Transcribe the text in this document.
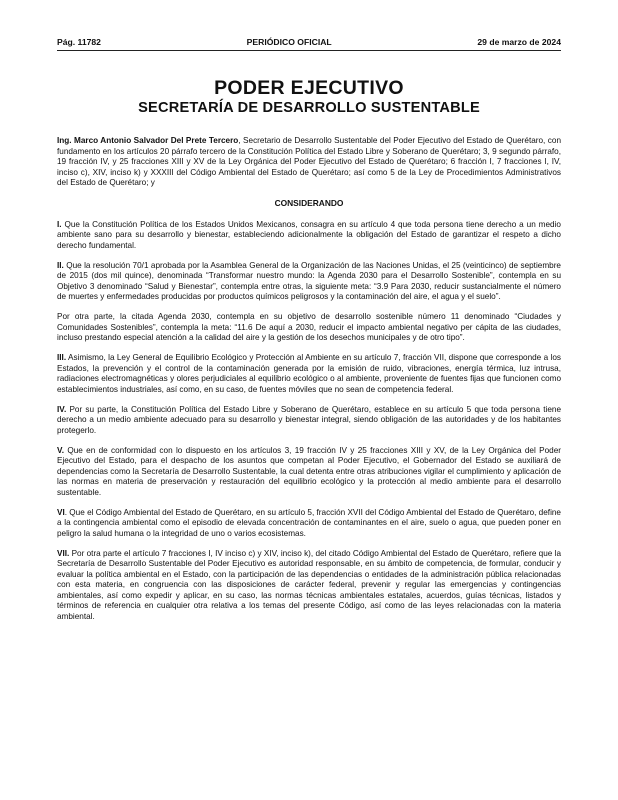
Pág. 11782	PERIÓDICO OFICIAL	29 de marzo de 2024
PODER EJECUTIVO
SECRETARÍA DE DESARROLLO SUSTENTABLE

Ing. Marco Antonio Salvador Del Prete Tercero, Secretario de Desarrollo Sustentable del Poder Ejecutivo del Estado de Querétaro, con fundamento en los artículos 20 párrafo tercero de la Constitución Política del Estado Libre y Soberano de Querétaro; 3, 9 segundo párrafo, 19 fracción IV, y 25 fracciones XIII y XV de la Ley Orgánica del Poder Ejecutivo del Estado de Querétaro; 6 fracción I, 7 fracciones I, IV, inciso c), XIV, inciso k) y XXXIII del Código Ambiental del Estado de Querétaro; así como 5 de la Ley de Procedimientos Administrativos del Estado de Querétaro; y

CONSIDERANDO

I. Que la Constitución Política de los Estados Unidos Mexicanos, consagra en su artículo 4 que toda persona tiene derecho a un medio ambiente sano para su desarrollo y bienestar, estableciendo adicionalmente la obligación del Estado de garantizar el respeto a dicho derecho fundamental.

II. Que la resolución 70/1 aprobada por la Asamblea General de la Organización de las Naciones Unidas, el 25 (veinticinco) de septiembre de 2015 (dos mil quince), denominada “Transformar nuestro mundo: la Agenda 2030 para el Desarrollo Sostenible”, contempla en su Objetivo 3 denominado “Salud y Bienestar”, contempla entre otras, la siguiente meta: “3.9 Para 2030, reducir sustancialmente el número de muertes y enfermedades producidas por productos químicos peligrosos y la contaminación del aire, el agua y el suelo”.

Por otra parte, la citada Agenda 2030, contempla en su objetivo de desarrollo sostenible número 11 denominado “Ciudades y Comunidades Sostenibles”, contempla la meta: “11.6 De aquí a 2030, reducir el impacto ambiental negativo per cápita de las ciudades, incluso prestando especial atención a la calidad del aire y la gestión de los desechos municipales y de otro tipo”.

III. Asimismo, la Ley General de Equilibrio Ecológico y Protección al Ambiente en su artículo 7, fracción VII, dispone que corresponde a los Estados, la prevención y el control de la contaminación generada por la emisión de ruido, vibraciones, energía térmica, luz intrusa, radiaciones electromagnéticas y olores perjudiciales al equilibrio ecológico o al ambiente, proveniente de fuentes fijas que funcionen como establecimientos industriales, así como, en su caso, de fuentes móviles que no sean de competencia federal.

IV. Por su parte, la Constitución Política del Estado Libre y Soberano de Querétaro, establece en su artículo 5 que toda persona tiene derecho a un medio ambiente adecuado para su desarrollo y bienestar integral, siendo obligación de las autoridades y de los habitantes protegerlo.

V. Que en de conformidad con lo dispuesto en los artículos 3, 19 fracción IV y 25 fracciones XIII y XV, de la Ley Orgánica del Poder Ejecutivo del Estado, para el despacho de los asuntos que competan al Poder Ejecutivo, el Gobernador del Estado se auxiliará de dependencias como la Secretaría de Desarrollo Sustentable, la cual detenta entre otras atribuciones vigilar el cumplimiento y aplicación de las normas en materia de preservación y restauración del equilibrio ecológico y la protección al medio ambiente para el desarrollo sustentable.

VI. Que el Código Ambiental del Estado de Querétaro, en su artículo 5, fracción XVII del Código Ambiental del Estado de Querétaro, define a la contingencia ambiental como el episodio de elevada concentración de contaminantes en el aire, suelo o agua, que pueden poner en peligro la salud humana o la integridad de uno o varios ecosistemas.

VII. Por otra parte el artículo 7 fracciones I, IV inciso c) y XIV, inciso k), del citado Código Ambiental del Estado de Querétaro, refiere que la Secretaría de Desarrollo Sustentable del Poder Ejecutivo es autoridad responsable, en su ámbito de competencia, de formular, conducir y evaluar la política ambiental en el Estado, con la participación de las dependencias o entidades de la administración pública relacionadas con esta materia, en congruencia con las disposiciones de carácter federal, prevenir y regular las emergencias y contingencias ambientales, así como expedir y aplicar, en su caso, las normas técnicas ambientales estatales, acuerdos, guías técnicas, listados y términos de referencia en cualquier otra relativa a los temas del presente Código, así como de las leyes relacionadas con la materia ambiental.
